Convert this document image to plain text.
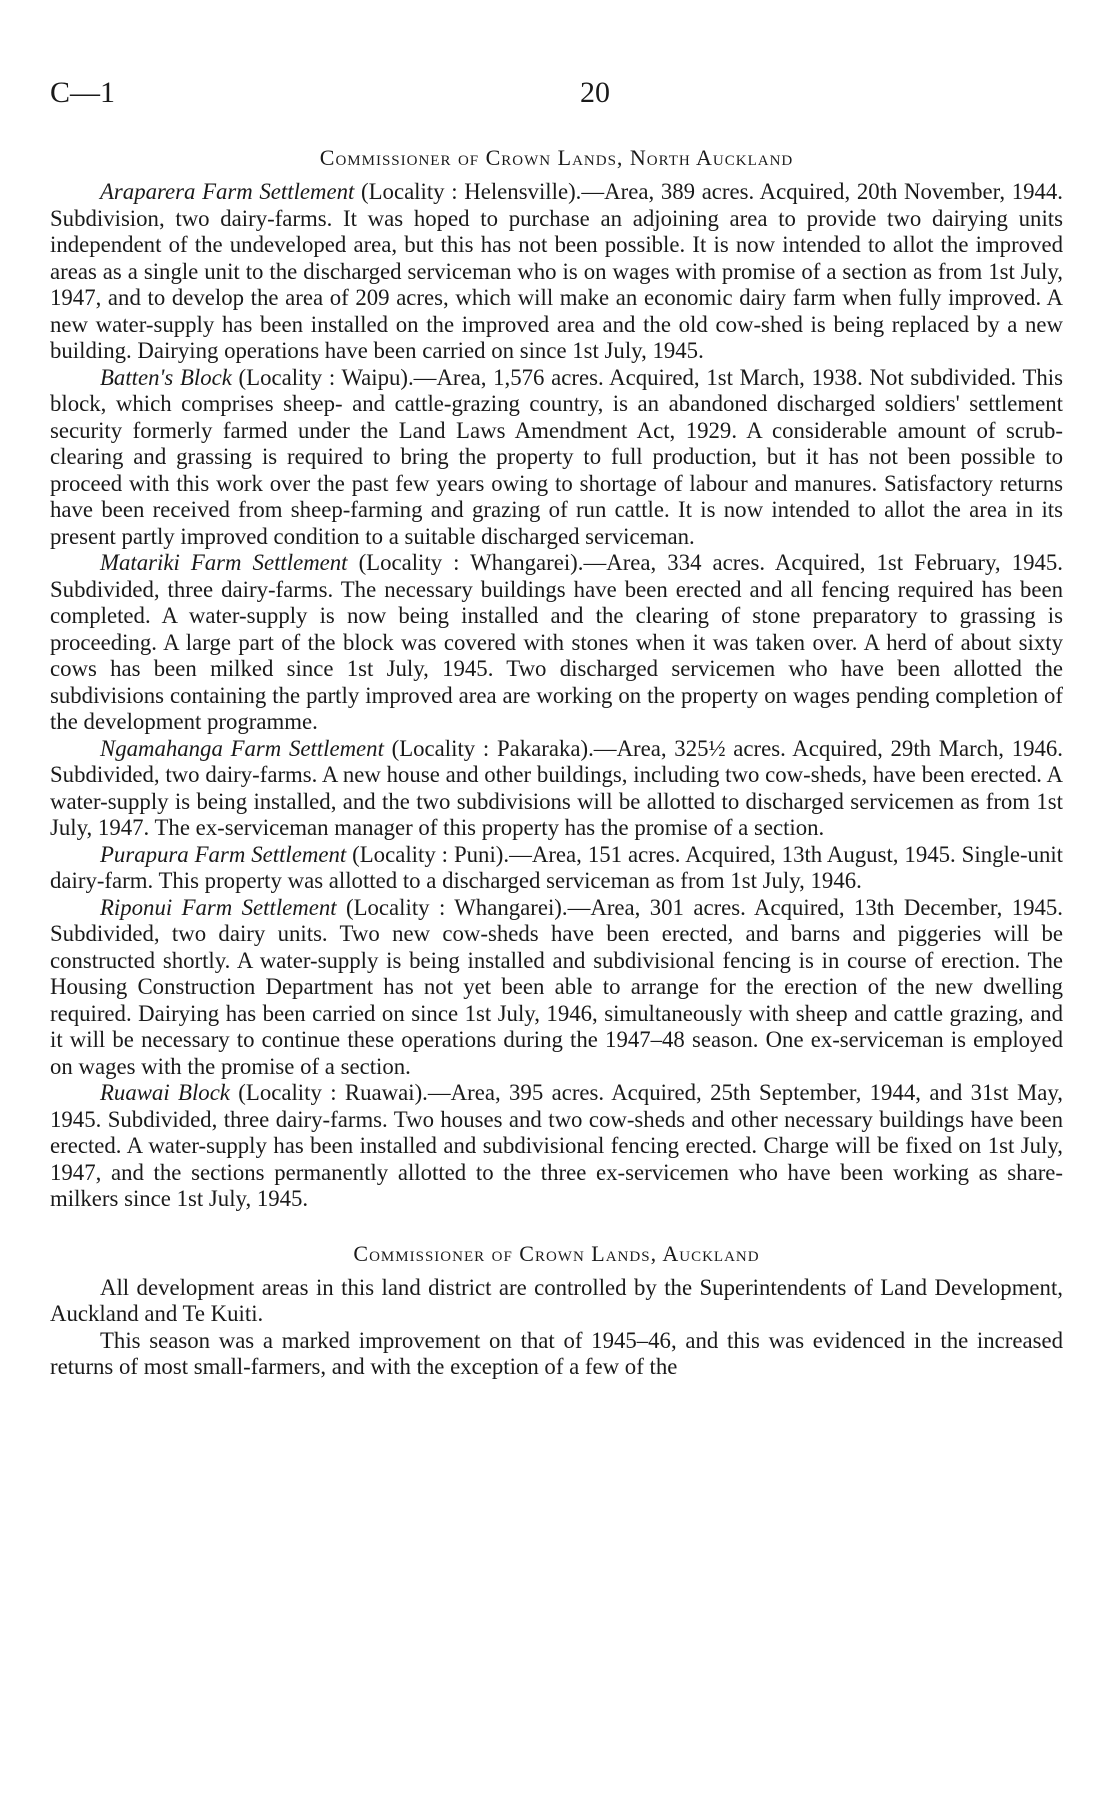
C—1	20
Commissioner of Crown Lands, North Auckland

Araparera Farm Settlement (Locality : Helensville).—Area, 389 acres. Acquired, 20th November, 1944. Subdivision, two dairy-farms. It was hoped to purchase an adjoining area to provide two dairying units independent of the undeveloped area, but this has not been possible. It is now intended to allot the improved areas as a single unit to the discharged serviceman who is on wages with promise of a section as from 1st July, 1947, and to develop the area of 209 acres, which will make an economic dairy farm when fully improved. A new water-supply has been installed on the improved area and the old cow-shed is being replaced by a new building. Dairying operations have been carried on since 1st July, 1945.

Batten's Block (Locality : Waipu).—Area, 1,576 acres. Acquired, 1st March, 1938. Not subdivided. This block, which comprises sheep- and cattle-grazing country, is an abandoned discharged soldiers' settlement security formerly farmed under the Land Laws Amendment Act, 1929. A considerable amount of scrub-clearing and grassing is required to bring the property to full production, but it has not been possible to proceed with this work over the past few years owing to shortage of labour and manures. Satisfactory returns have been received from sheep-farming and grazing of run cattle. It is now intended to allot the area in its present partly improved condition to a suitable discharged serviceman.

Matariki Farm Settlement (Locality : Whangarei).—Area, 334 acres. Acquired, 1st February, 1945. Subdivided, three dairy-farms. The necessary buildings have been erected and all fencing required has been completed. A water-supply is now being installed and the clearing of stone preparatory to grassing is proceeding. A large part of the block was covered with stones when it was taken over. A herd of about sixty cows has been milked since 1st July, 1945. Two discharged servicemen who have been allotted the subdivisions containing the partly improved area are working on the property on wages pending completion of the development programme.

Ngamahanga Farm Settlement (Locality : Pakaraka).—Area, 325½ acres. Acquired, 29th March, 1946. Subdivided, two dairy-farms. A new house and other buildings, including two cow-sheds, have been erected. A water-supply is being installed, and the two subdivisions will be allotted to discharged servicemen as from 1st July, 1947. The ex-serviceman manager of this property has the promise of a section.

Purapura Farm Settlement (Locality : Puni).—Area, 151 acres. Acquired, 13th August, 1945. Single-unit dairy-farm. This property was allotted to a discharged serviceman as from 1st July, 1946.

Riponui Farm Settlement (Locality : Whangarei).—Area, 301 acres. Acquired, 13th December, 1945. Subdivided, two dairy units. Two new cow-sheds have been erected, and barns and piggeries will be constructed shortly. A water-supply is being installed and subdivisional fencing is in course of erection. The Housing Construction Department has not yet been able to arrange for the erection of the new dwelling required. Dairying has been carried on since 1st July, 1946, simultaneously with sheep and cattle grazing, and it will be necessary to continue these operations during the 1947–48 season. One ex-serviceman is employed on wages with the promise of a section.

Ruawai Block (Locality : Ruawai).—Area, 395 acres. Acquired, 25th September, 1944, and 31st May, 1945. Subdivided, three dairy-farms. Two houses and two cow-sheds and other necessary buildings have been erected. A water-supply has been installed and subdivisional fencing erected. Charge will be fixed on 1st July, 1947, and the sections permanently allotted to the three ex-servicemen who have been working as share-milkers since 1st July, 1945.

Commissioner of Crown Lands, Auckland

All development areas in this land district are controlled by the Superintendents of Land Development, Auckland and Te Kuiti.

This season was a marked improvement on that of 1945–46, and this was evidenced in the increased returns of most small-farmers, and with the exception of a few of the
